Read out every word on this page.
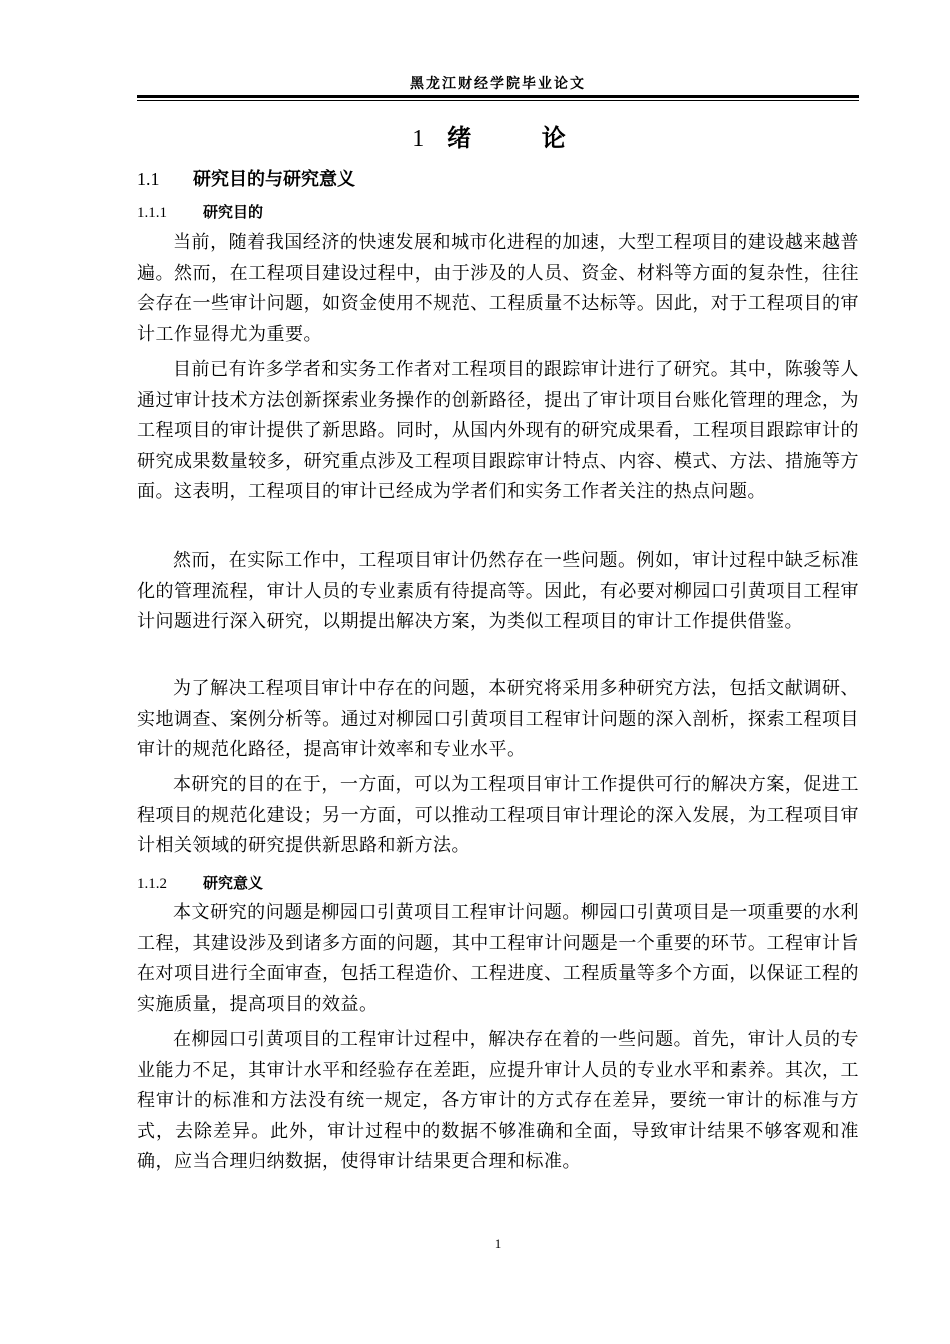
黑龙江财经学院毕业论文
1 绪  论
1.1 研究目的与研究意义
1.1.1 研究目的

当前，随着我国经济的快速发展和城市化进程的加速，大型工程项目的建设越来越普遍。然而，在工程项目建设过程中，由于涉及的人员、资金、材料等方面的复杂性，往往会存在一些审计问题，如资金使用不规范、工程质量不达标等。因此，对于工程项目的审计工作显得尤为重要。

目前已有许多学者和实务工作者对工程项目的跟踪审计进行了研究。其中，陈骏等人通过审计技术方法创新探索业务操作的创新路径，提出了审计项目台账化管理的理念，为工程项目的审计提供了新思路。同时，从国内外现有的研究成果看，工程项目跟踪审计的研究成果数量较多，研究重点涉及工程项目跟踪审计特点、内容、模式、方法、措施等方面。这表明，工程项目的审计已经成为学者们和实务工作者关注的热点问题。

然而，在实际工作中，工程项目审计仍然存在一些问题。例如，审计过程中缺乏标准化的管理流程，审计人员的专业素质有待提高等。因此，有必要对柳园口引黄项目工程审计问题进行深入研究，以期提出解决方案，为类似工程项目的审计工作提供借鉴。

为了解决工程项目审计中存在的问题，本研究将采用多种研究方法，包括文献调研、实地调查、案例分析等。通过对柳园口引黄项目工程审计问题的深入剖析，探索工程项目审计的规范化路径，提高审计效率和专业水平。

本研究的目的在于，一方面，可以为工程项目审计工作提供可行的解决方案，促进工程项目的规范化建设；另一方面，可以推动工程项目审计理论的深入发展，为工程项目审计相关领域的研究提供新思路和新方法。

1.1.2 研究意义

本文研究的问题是柳园口引黄项目工程审计问题。柳园口引黄项目是一项重要的水利工程，其建设涉及到诸多方面的问题，其中工程审计问题是一个重要的环节。工程审计旨在对项目进行全面审查，包括工程造价、工程进度、工程质量等多个方面，以保证工程的实施质量，提高项目的效益。

在柳园口引黄项目的工程审计过程中，解决存在着的一些问题。首先，审计人员的专业能力不足，其审计水平和经验存在差距，应提升审计人员的专业水平和素养。其次，工程审计的标准和方法没有统一规定，各方审计的方式存在差异，要统一审计的标准与方式，去除差异。此外，审计过程中的数据不够准确和全面，导致审计结果不够客观和准确，应当合理归纳数据，使得审计结果更合理和标准。

1
